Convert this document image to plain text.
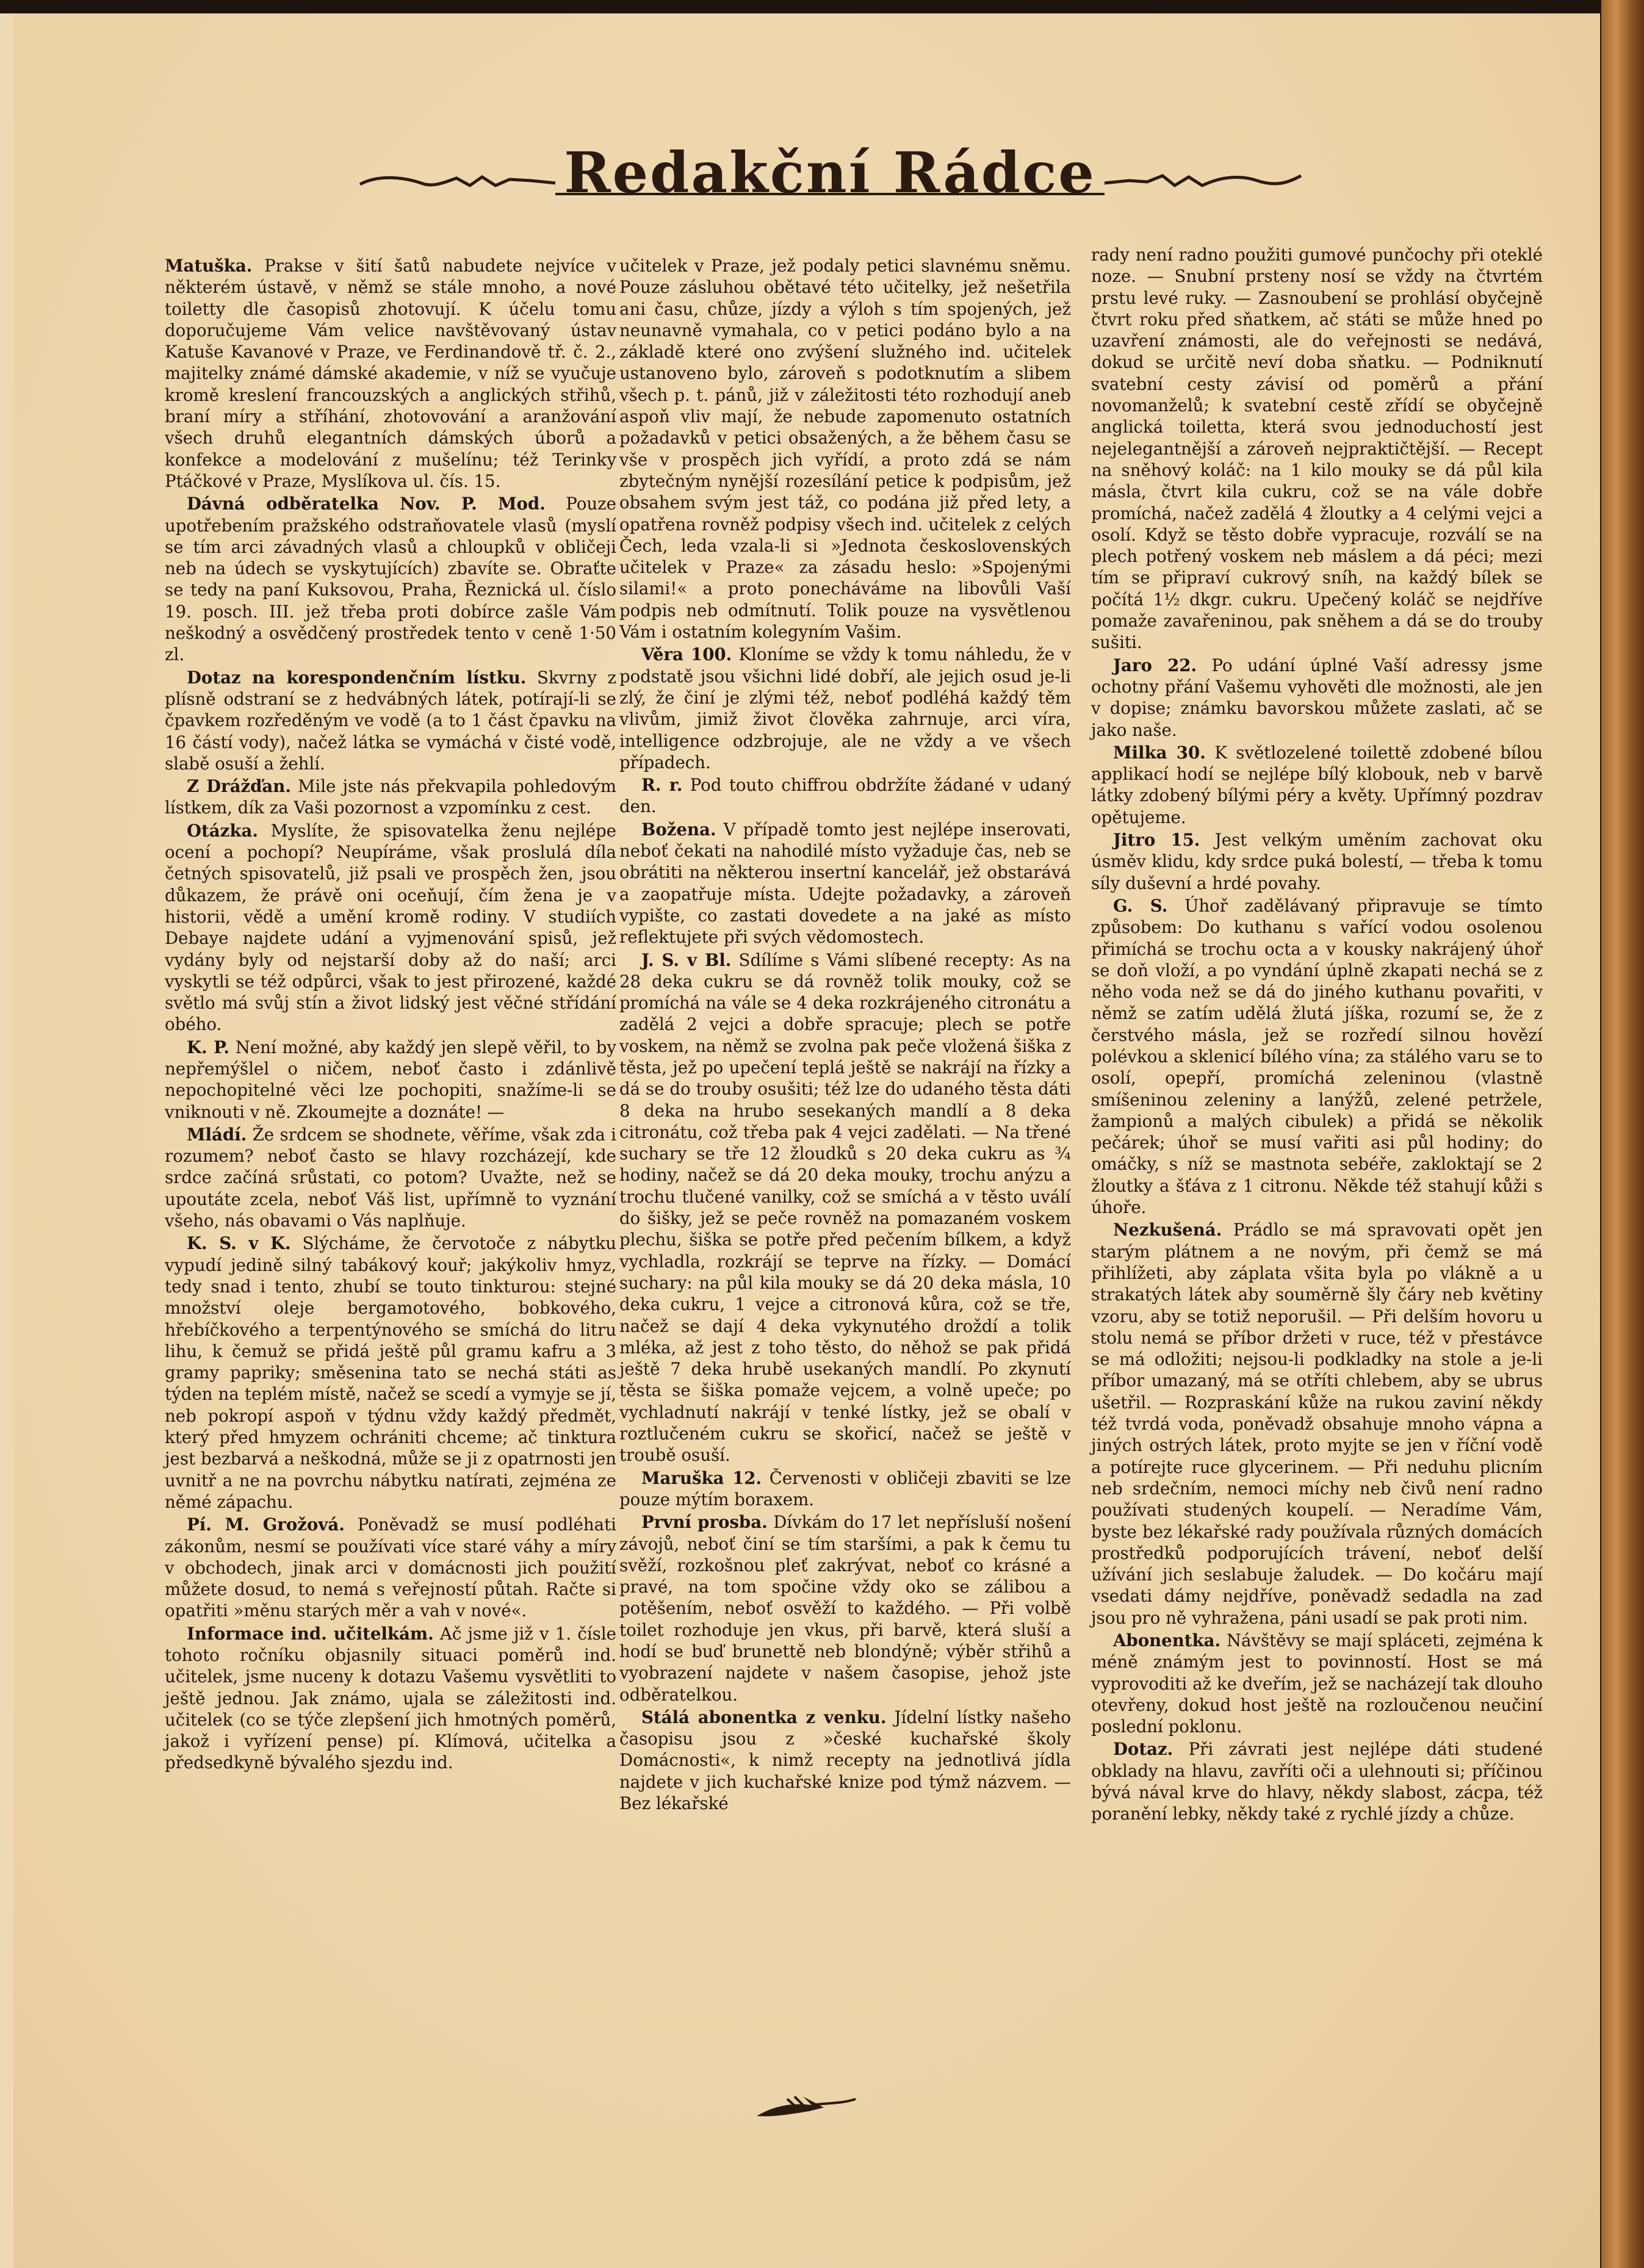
Redakční Rádce

Matuška. Prakse v šití šatů nabudete nejvíce v některém ústavě, v němž se stále mnoho, a nové toiletty dle časopisů zhotovují. K účelu tomu doporučujeme Vám velice navštěvovaný ústav Katuše Kavanové v Praze, ve Ferdinandově tř. č. 2., majitelky známé dámské akademie, v níž se vyučuje kromě kreslení francouzských a anglických střihů, braní míry a stříhání, zhotovování a aranžování všech druhů elegantních dámských úborů a konfekce a modelování z mušelínu; též Terinky Ptáčkové v Praze, Myslíkova ul. čís. 15.

Dávná odběratelka Nov. P. Mod. Pouze upotřebením pražského odstraňovatele vlasů (myslí se tím arci závadných vlasů a chloupků v obličeji neb na údech se vyskytujících) zbavíte se. Obraťte se tedy na paní Kuksovou, Praha, Řeznická ul. číslo 19. posch. III. jež třeba proti dobírce zašle Vám neškodný a osvědčený prostředek tento v ceně 1·50 zl.

Dotaz na korespondenčním lístku. Skvrny z plísně odstraní se z hedvábných látek, potírají-li se čpavkem rozředěným ve vodě (a to 1 část čpavku na 16 částí vody), načež látka se vymáchá v čisté vodě, slabě osuší a žehlí.

Z Drážďan. Mile jste nás překvapila pohledovým lístkem, dík za Vaši pozornost a vzpomínku z cest.

Otázka. Myslíte, že spisovatelka ženu nejlépe ocení a pochopí? Neupíráme, však proslulá díla četných spisovatelů, již psali ve prospěch žen, jsou důkazem, že právě oni oceňují, čím žena je v historii, vědě a umění kromě rodiny. V studiích Debaye najdete udání a vyjmenování spisů, jež vydány byly od nejstarší doby až do naší; arci vyskytli se též odpůrci, však to jest přirozené, každé světlo má svůj stín a život lidský jest věčné střídání obého.

K. P. Není možné, aby každý jen slepě věřil, to by nepřemýšlel o ničem, neboť často i zdánlivě nepochopitelné věci lze pochopiti, snažíme-li se vniknouti v ně. Zkoumejte a doznáte! —

Mládí. Že srdcem se shodnete, věříme, však zda i rozumem? neboť často se hlavy rozcházejí, kde srdce začíná srůstati, co potom? Uvažte, než se upoutáte zcela, neboť Váš list, upřímně to vyznání všeho, nás obavami o Vás naplňuje.

K. S. v K. Slýcháme, že červotoče z nábytku vypudí jedině silný tabákový kouř; jakýkoliv hmyz, tedy snad i tento, zhubí se touto tinkturou: stejné množství oleje bergamotového, bobkového, hřebíčkového a terpentýnového se smíchá do litru lihu, k čemuž se přidá ještě půl gramu kafru a 3 gramy papriky; směsenina tato se nechá státi as týden na teplém místě, načež se scedí a vymyje se jí, neb pokropí aspoň v týdnu vždy každý předmět, který před hmyzem ochrániti chceme; ač tinktura jest bezbarvá a neškodná, může se ji z opatrnosti jen uvnitř a ne na povrchu nábytku natírati, zejména ze němé zápachu.

Pí. M. Grožová. Poněvadž se musí podléhati zákonům, nesmí se používati více staré váhy a míry v obchodech, jinak arci v domácnosti jich použití můžete dosud, to nemá s veřejností půtah. Račte si opatřiti »měnu starých měr a vah v nové«.

Informace ind. učitelkám. Ač jsme již v 1. čísle tohoto ročníku objasnily situaci poměrů ind. učitelek, jsme nuceny k dotazu Vašemu vysvětliti to ještě jednou. Jak známo, ujala se záležitosti ind. učitelek (co se týče zlepšení jich hmotných poměrů, jakož i vyřízení pense) pí. Klímová, učitelka a předsedkyně bývalého sjezdu ind.

učitelek v Praze, jež podaly petici slavnému sněmu. Pouze zásluhou obětavé této učitelky, jež nešetřila ani času, chůze, jízdy a výloh s tím spojených, jež neunavně vymahala, co v petici podáno bylo a na základě které ono zvýšení služného ind. učitelek ustanoveno bylo, zároveň s podotknutím a slibem všech p. t. pánů, již v záležitosti této rozhodují aneb aspoň vliv mají, že nebude zapomenuto ostatních požadavků v petici obsažených, a že během času se vše v prospěch jich vyřídí, a proto zdá se nám zbytečným nynější rozesílání petice k podpisům, jež obsahem svým jest táž, co podána již před lety, a opatřena rovněž podpisy všech ind. učitelek z celých Čech, leda vzala-li si »Jednota československých učitelek v Praze« za zásadu heslo: »Spojenými silami!« a proto ponecháváme na libovůli Vaší podpis neb odmítnutí. Tolik pouze na vysvětlenou Vám i ostatním kolegyním Vašim.

Věra 100. Kloníme se vždy k tomu náhledu, že v podstatě jsou všichni lidé dobří, ale jejich osud je-li zlý, že činí je zlými též, neboť podléhá každý těm vlivům, jimiž život člověka zahrnuje, arci víra, intelligence odzbrojuje, ale ne vždy a ve všech případech.

R. r. Pod touto chiffrou obdržíte žádané v udaný den.

Božena. V případě tomto jest nejlépe inserovati, neboť čekati na nahodilé místo vyžaduje čas, neb se obrátiti na některou insertní kancelář, jež obstarává a zaopatřuje místa. Udejte požadavky, a zároveň vypište, co zastati dovedete a na jaké as místo reflektujete při svých vědomostech.

J. S. v Bl. Sdílíme s Vámi slíbené recepty: As na 28 deka cukru se dá rovněž tolik mouky, což se promíchá na vále se 4 deka rozkrájeného citronátu a zadělá 2 vejci a dobře spracuje; plech se potře voskem, na němž se zvolna pak peče vložená šiška z těsta, jež po upečení teplá ještě se nakrájí na řízky a dá se do trouby osušiti; též lze do udaného těsta dáti 8 deka na hrubo sesekaných mandlí a 8 deka citronátu, což třeba pak 4 vejci zadělati. — Na třené suchary se tře 12 žloudků s 20 deka cukru as ¾ hodiny, načež se dá 20 deka mouky, trochu anýzu a trochu tlučené vanilky, což se smíchá a v těsto uválí do šišky, jež se peče rovněž na pomazaném voskem plechu, šiška se potře před pečením bílkem, a když vychladla, rozkrájí se teprve na řízky. — Domácí suchary: na půl kila mouky se dá 20 deka másla, 10 deka cukru, 1 vejce a citronová kůra, což se tře, načež se dají 4 deka vykynutého droždí a tolik mléka, až jest z toho těsto, do něhož se pak přidá ještě 7 deka hrubě usekaných mandlí. Po zkynutí těsta se šiška pomaže vejcem, a volně upeče; po vychladnutí nakrájí v tenké lístky, jež se obalí v roztlučeném cukru se skořicí, načež se ještě v troubě osuší.

Maruška 12. Červenosti v obličeji zbaviti se lze pouze mýtím boraxem.

První prosba. Dívkám do 17 let nepřísluší nošení závojů, neboť činí se tím staršími, a pak k čemu tu svěží, rozkošnou pleť zakrývat, neboť co krásné a pravé, na tom spočine vždy oko se zálibou a potěšením, neboť osvěží to každého. — Při volbě toilet rozhoduje jen vkus, při barvě, která sluší a hodí se buď brunettě neb blondýně; výběr střihů a vyobrazení najdete v našem časopise, jehož jste odběratelkou.

Stálá abonentka z venku. Jídelní lístky našeho časopisu jsou z »české kuchařské školy Domácnosti«, k nimž recepty na jednotlivá jídla najdete v jich kuchařské knize pod týmž názvem. — Bez lékařské

rady není radno použiti gumové punčochy při oteklé noze. — Snubní prsteny nosí se vždy na čtvrtém prstu levé ruky. — Zasnoubení se prohlásí obyčejně čtvrt roku před sňatkem, ač státi se může hned po uzavření známosti, ale do veřejnosti se nedává, dokud se určitě neví doba sňatku. — Podniknutí svatební cesty závisí od poměrů a přání novomanželů; k svatební cestě zřídí se obyčejně anglická toiletta, která svou jednoduchostí jest nejelegantnější a zároveň nejpraktičtější. — Recept na sněhový koláč: na 1 kilo mouky se dá půl kila másla, čtvrt kila cukru, což se na vále dobře promíchá, načež zadělá 4 žloutky a 4 celými vejci a osolí. Když se těsto dobře vypracuje, rozválí se na plech potřený voskem neb máslem a dá péci; mezi tím se připraví cukrový sníh, na každý bílek se počítá 1½ dkgr. cukru. Upečený koláč se nejdříve pomaže zavařeninou, pak sněhem a dá se do trouby sušiti.

Jaro 22. Po udání úplné Vaší adressy jsme ochotny přání Vašemu vyhověti dle možnosti, ale jen v dopise; známku bavorskou můžete zaslati, ač se jako naše.

Milka 30. K světlozelené toilettě zdobené bílou applikací hodí se nejlépe bílý klobouk, neb v barvě látky zdobený bílými péry a květy. Upřímný pozdrav opětujeme.

Jitro 15. Jest velkým uměním zachovat oku úsměv klidu, kdy srdce puká bolestí, — třeba k tomu síly duševní a hrdé povahy.

G. S. Úhoř zadělávaný připravuje se tímto způsobem: Do kuthanu s vařící vodou osolenou přimíchá se trochu octa a v kousky nakrájený úhoř se doň vloží, a po vyndání úplně zkapati nechá se z něho voda než se dá do jiného kuthanu povařiti, v němž se zatím udělá žlutá jíška, rozumí se, že z čerstvého másla, jež se rozředí silnou hovězí polévkou a sklenicí bílého vína; za stálého varu se to osolí, opepří, promíchá zeleninou (vlastně smíšeninou zeleniny a lanýžů, zelené petržele, žampionů a malých cibulek) a přidá se několik pečárek; úhoř se musí vařiti asi půl hodiny; do omáčky, s níž se mastnota sebéře, zakloktají se 2 žloutky a šťáva z 1 citronu. Někde též stahují kůži s úhoře.

Nezkušená. Prádlo se má spravovati opět jen starým plátnem a ne novým, při čemž se má přihlížeti, aby záplata všita byla po vlákně a u strakatých látek aby souměrně šly čáry neb květiny vzoru, aby se totiž neporušil. — Při delším hovoru u stolu nemá se příbor držeti v ruce, též v přestávce se má odložiti; nejsou-li podkladky na stole a je-li příbor umazaný, má se otříti chlebem, aby se ubrus ušetřil. — Rozpraskání kůže na rukou zaviní někdy též tvrdá voda, poněvadž obsahuje mnoho vápna a jiných ostrých látek, proto myjte se jen v říční vodě a potírejte ruce glycerinem. — Při neduhu plicním neb srdečním, nemoci míchy neb čivů není radno používati studených koupelí. — Neradíme Vám, byste bez lékařské rady používala různých domácích prostředků podporujících trávení, neboť delší užívání jich seslabuje žaludek. — Do kočáru mají vsedati dámy nejdříve, poněvadž sedadla na zad jsou pro ně vyhražena, páni usadí se pak proti nim.

Abonentka. Návštěvy se mají spláceti, zejména k méně známým jest to povinností. Host se má vyprovoditi až ke dveřím, jež se nacházejí tak dlouho otevřeny, dokud host ještě na rozloučenou neučiní poslední poklonu.

Dotaz. Při závrati jest nejlépe dáti studené obklady na hlavu, zavříti oči a ulehnouti si; příčinou bývá nával krve do hlavy, někdy slabost, zácpa, též poranění lebky, někdy také z rychlé jízdy a chůze.
